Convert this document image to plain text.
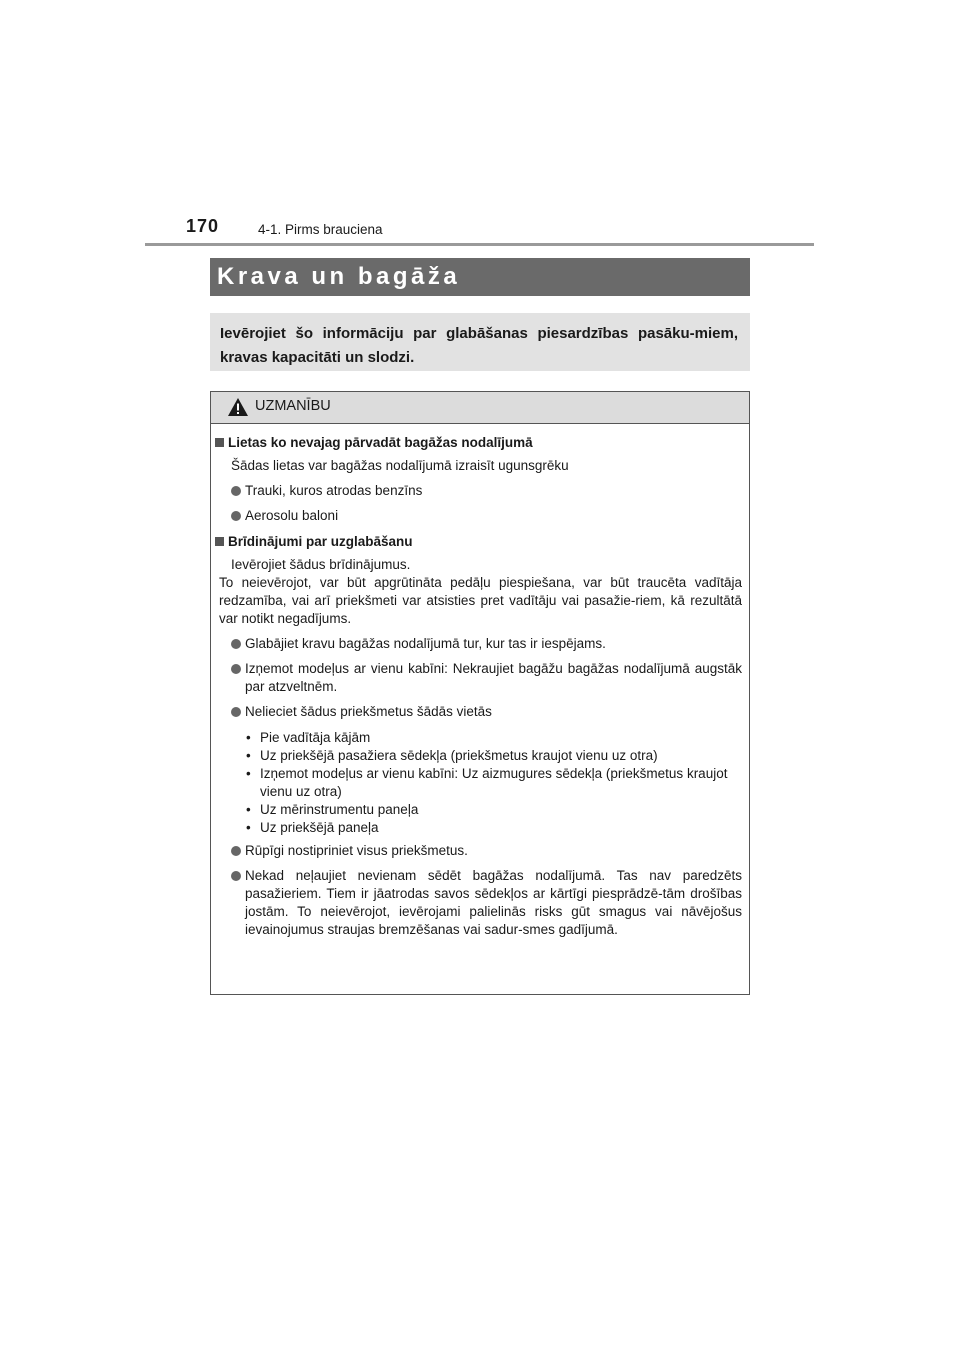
170	4-1. Pirms brauciena
Krava un bagāža
Ievērojiet šo informāciju par glabāšanas piesardzības pasāku-miem, kravas kapacitāti un slodzi.
UZMANĪBU
Lietas ko nevajag pārvadāt bagāžas nodalījumā
Šādas lietas var bagāžas nodalījumā izraisīt ugunsgrēku
Trauki, kuros atrodas benzīns
Aerosolu baloni
Brīdinājumi par uzglabāšanu
Ievērojiet šādus brīdinājumus.
To neievērojot, var būt apgrūtināta pedāļu piespiešana, var būt traucēta vadītāja redzamība, vai arī priekšmeti var atsisties pret vadītāju vai pasažie-riem, kā rezultātā var notikt negadījums.
Glabājiet kravu bagāžas nodalījumā tur, kur tas ir iespējams.
Izņemot modeļus ar vienu kabīni: Nekraujiet bagāžu bagāžas nodalījumā augstāk par atzveltnēm.
Nelieciet šādus priekšmetus šādās vietās
• Pie vadītāja kājām
• Uz priekšējā pasažiera sēdekļa (priekšmetus kraujot vienu uz otra)
• Izņemot modeļus ar vienu kabīni: Uz aizmugures sēdekļa (priekšmetus kraujot vienu uz otra)
• Uz mērinstrumentu paneļa
• Uz priekšējā paneļa
Rūpīgi nostipriniet visus priekšmetus.
Nekad neļaujiet nevienam sēdēt bagāžas nodalījumā. Tas nav paredzēts pasažieriem. Tiem ir jāatrodas savos sēdekļos ar kārtīgi piesprādzē-tām drošības jostām. To neievērojot, ievērojami palielinās risks gūt smagus vai nāvējošus ievainojumus straujas bremzēšanas vai sadur-smes gadījumā.
